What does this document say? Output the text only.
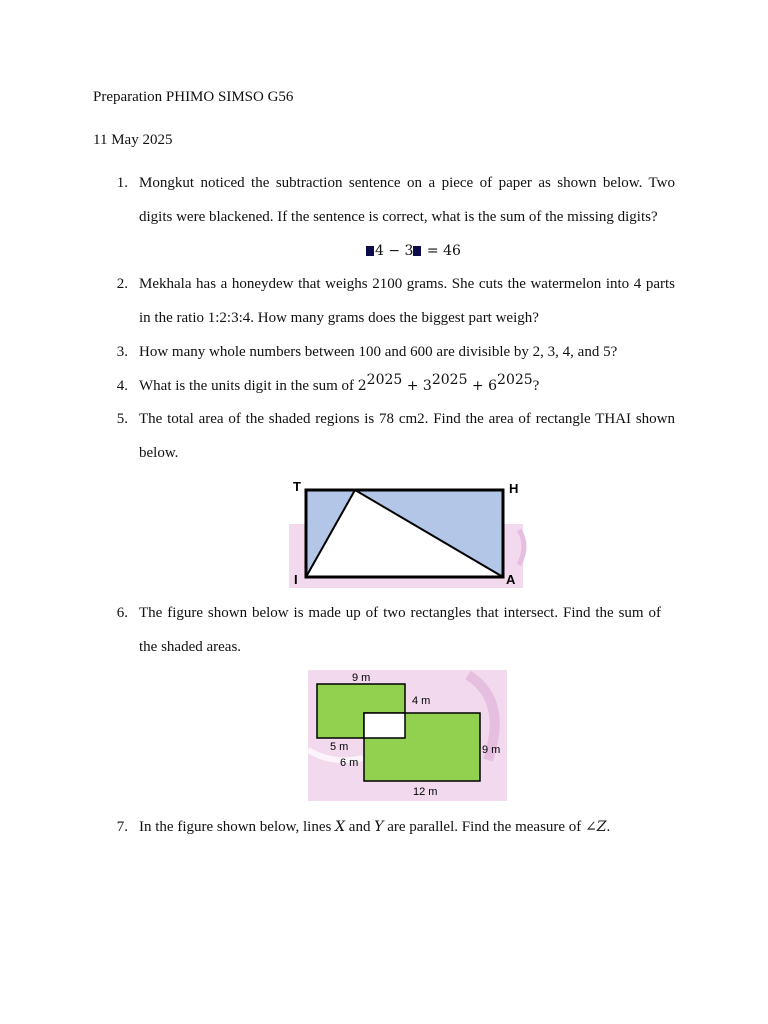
Preparation PHIMO SIMSO G56
11 May 2025
1. Mongkut noticed the subtraction sentence on a piece of paper as shown below. Two
digits were blackened. If the sentence is correct, what is the sum of the missing digits?
4 − 3 = 46
2. Mekhala has a honeydew that weighs 2100 grams. She cuts the watermelon into 4 parts
in the ratio 1:2:3:4. How many grams does the biggest part weigh?
3. How many whole numbers between 100 and 600 are divisible by 2, 3, 4, and 5?
4. What is the units digit in the sum of $2^{2025} + 3^{2025} + 6^{2025}$?
5. The total area of the shaded regions is 78 cm2. Find the area of rectangle THAI shown
below.
T	H
I	A
6. The figure shown below is made up of two rectangles that intersect. Find the sum of
the shaded areas.
9 m
4 m
5 m
6 m
9 m
12 m
7. In the figure shown below, lines X and Y are parallel. Find the measure of ∠Z.
